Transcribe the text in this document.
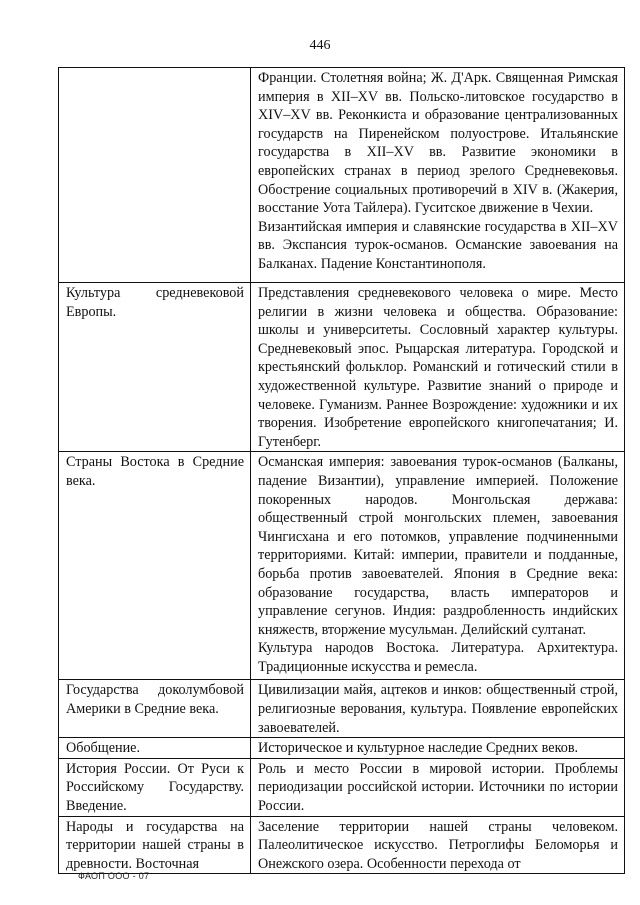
446

	Франции. Столетняя война; Ж. Д'Арк. Священная Римская империя в XII–XV вв. Польско-литовское государство в XIV–XV вв. Реконкиста и образование централизованных государств на Пиренейском полуострове. Итальянские государства в XII–XV вв. Развитие экономики в европейских странах в период зрелого Средневековья. Обострение социальных противоречий в XIV в. (Жакерия, восстание Уота Тайлера). Гуситское движение в Чехии.

Византийская империя и славянские государства в XII–XV вв. Экспансия турок-османов. Османские завоевания на Балканах. Падение Константинополя.

Культура средневековой Европы.	Представления средневекового человека о мире. Место религии в жизни человека и общества. Образование: школы и университеты. Сословный характер культуры. Средневековый эпос. Рыцарская литература. Городской и крестьянский фольклор. Романский и готический стили в художественной культуре. Развитие знаний о природе и человеке. Гуманизм. Раннее Возрождение: художники и их творения. Изобретение европейского книгопечатания; И. Гутенберг.

Страны Востока в Средние века.	Османская империя: завоевания турок-османов (Балканы, падение Византии), управление империей. Положение покоренных народов. Монгольская держава: общественный строй монгольских племен, завоевания Чингисхана и его потомков, управление подчиненными территориями. Китай: империи, правители и подданные, борьба против завоевателей. Япония в Средние века: образование государства, власть императоров и управление сегунов. Индия: раздробленность индийских княжеств, вторжение мусульман. Делийский султанат.

Культура народов Востока. Литература. Архитектура. Традиционные искусства и ремесла.

Государства доколумбовой Америки в Средние века.	Цивилизации майя, ацтеков и инков: общественный строй, религиозные верования, культура. Появление европейских завоевателей.

Обобщение.	Историческое и культурное наследие Средних веков.

История России. От Руси к Российскому Государству. Введение.	Роль и место России в мировой истории. Проблемы периодизации российской истории. Источники по истории России.

Народы и государства на территории нашей страны в древности. Восточная	Заселение территории нашей страны человеком. Палеолитическое искусство. Петроглифы Беломорья и Онежского озера. Особенности перехода от

ФАОП ООО - 07
